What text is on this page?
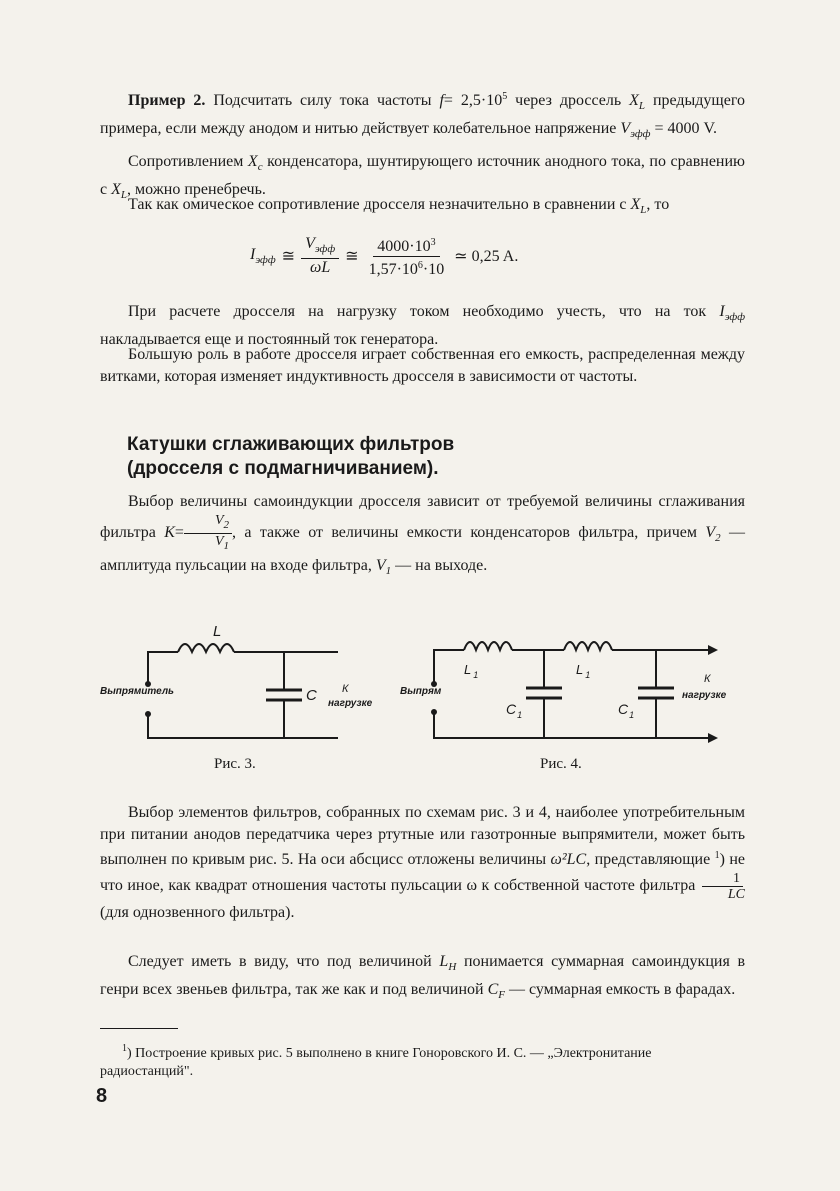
Пример 2. Подсчитать силу тока частоты $f= 2,5\cdot 10^5$ через дроссель $X_L$ предыдущего примера, если между анодом и нитью действует колебательное напряжение $V_{эфф} = 4000$ V.

Сопротивлением $X_c$ конденсатора, шунтирующего источник анодного тока, по сравнению с $X_L$, можно пренебречь.

Так как омическое сопротивление дросселя незначительно в сравнении с $X_L$, то

$I_{эфф}$ ≅ $\frac{V_{эфф}}{\omega L}$ ≅ $\frac{4000\cdot 10^3}{1,57\cdot 10^6\cdot 10}$ ≃ 0,25 A.

При расчете дросселя на нагрузку током необходимо учесть, что на ток $I_{эфф}$ накладывается еще и постоянный ток генератора.

Большую роль в работе дросселя играет собственная его емкость, распределенная между витками, которая изменяет индуктивность дросселя в зависимости от частоты.

Катушки сглаживающих фильтров
(дросселя с подмагничиванием).

Выбор величины самоиндукции дросселя зависит от требуемой величины сглаживания фильтра $K= \frac{V_2}{V_1}$ , а также от величины емкости конденсаторов фильтра, причем $V_2$ — амплитуда пульсации на входе фильтра, $V_1$ — на выходе.

L
Выпрямитель	C К
нагрузке
Рис. 3.
L $_1$	L $_1$
Выпрям
$C_1$	$C_1$
К
нагрузке
Рис. 4.

Выбор элементов фильтров, собранных по схемам рис. 3 и 4, наиболее употребительным при питании анодов передатчика через ртутные или газотронные выпрямители, может быть выполнен по кривым рис. 5. На оси абсцисс отложены величины ω²LC, представляющие $^1$) не что иное, как квадрат отношения частоты пульсации ω к собственной частоте фильтра $\frac{1}{LC}$
(для однозвенного фильтра).

Следует иметь в виду, что под величиной $L_Н$ понимается суммарная самоиндукция в генри всех звеньев фильтра, так же как и под величиной $C_F$ — суммарная емкость в фарадах.

$^1$) Построение кривых рис. 5 выполнено в книге Гоноровского И. С. — „Электронитание радиостанций".

8
